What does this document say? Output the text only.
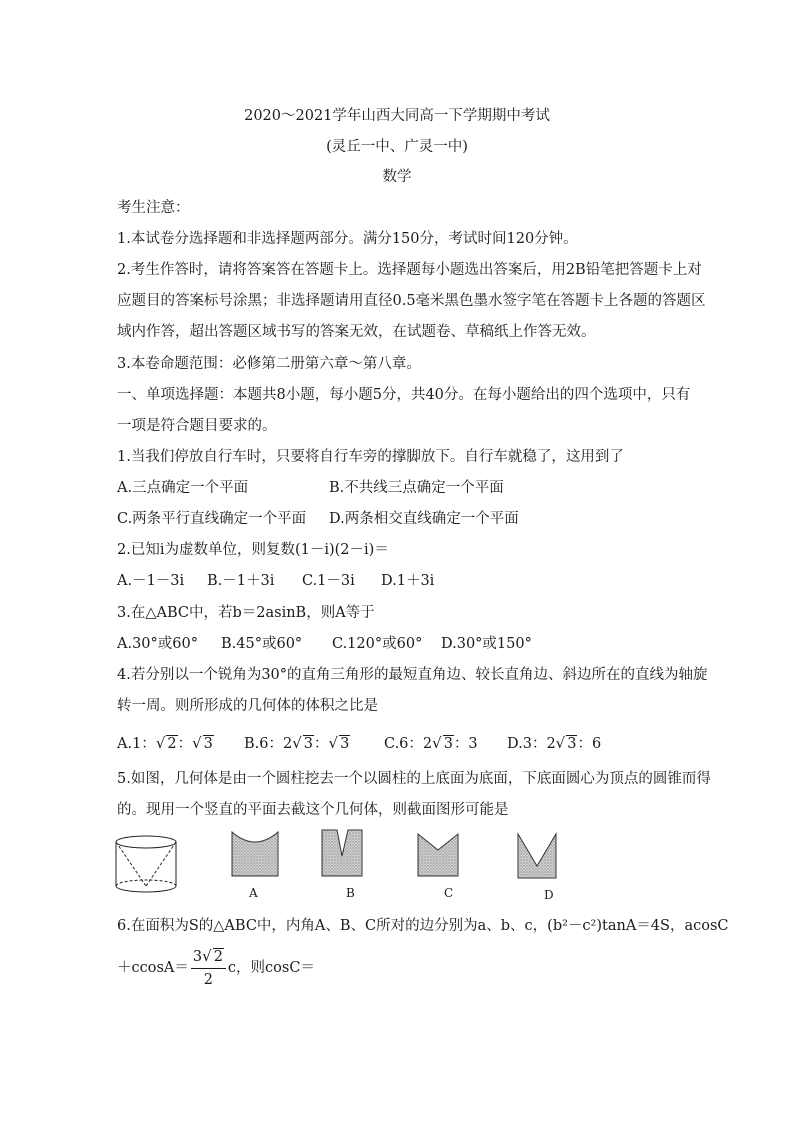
2020～2021学年山西大同高一下学期期中考试
(灵丘一中、广灵一中)
数学
考生注意：
1.本试卷分选择题和非选择题两部分。满分150分，考试时间120分钟。
2.考生作答时，请将答案答在答题卡上。选择题每小题选出答案后，用2B铅笔把答题卡上对
应题目的答案标号涂黑；非选择题请用直径0.5毫米黑色墨水签字笔在答题卡上各题的答题区
域内作答，超出答题区域书写的答案无效，在试题卷、草稿纸上作答无效。
3.本卷命题范围：必修第二册第六章～第八章。
一、单项选择题：本题共8小题，每小题5分，共40分。在每小题给出的四个选项中，只有
一项是符合题目要求的。
1.当我们停放自行车时，只要将自行车旁的撑脚放下。自行车就稳了，这用到了
A.三点确定一个平面	B.不共线三点确定一个平面
C.两条平行直线确定一个平面 D.两条相交直线确定一个平面
2.已知i为虚数单位，则复数(1－i)(2－i)＝
A.－1－3i B.－1＋3i C.1－3i D.1＋3i
3.在△ABC中，若b＝2asinB，则A等于
A.30°或60° B.45°或60° C.120°或60° D.30°或150°
4.若分别以一个锐角为30°的直角三角形的最短直角边、较长直角边、斜边所在的直线为轴旋
转一周。则所形成的几何体的体积之比是
A.1：√ 2：√ 3 B.6：2√ 3：√ 3 C.6：2√ 3：3 D.3：2√ 3：6
5.如图，几何体是由一个圆柱挖去一个以圆柱的上底面为底面，下底面圆心为顶点的圆锥而得
的。现用一个竖直的平面去截这个几何体，则截面图形可能是
A	B	C	D
6.在面积为S的△ABC中，内角A、B、C所对的边分别为a、b、c，(b²－c²)tanA＝4S，acosC
$+ccosA= \frac{3√ 2}{2}$ c，则cosC＝
